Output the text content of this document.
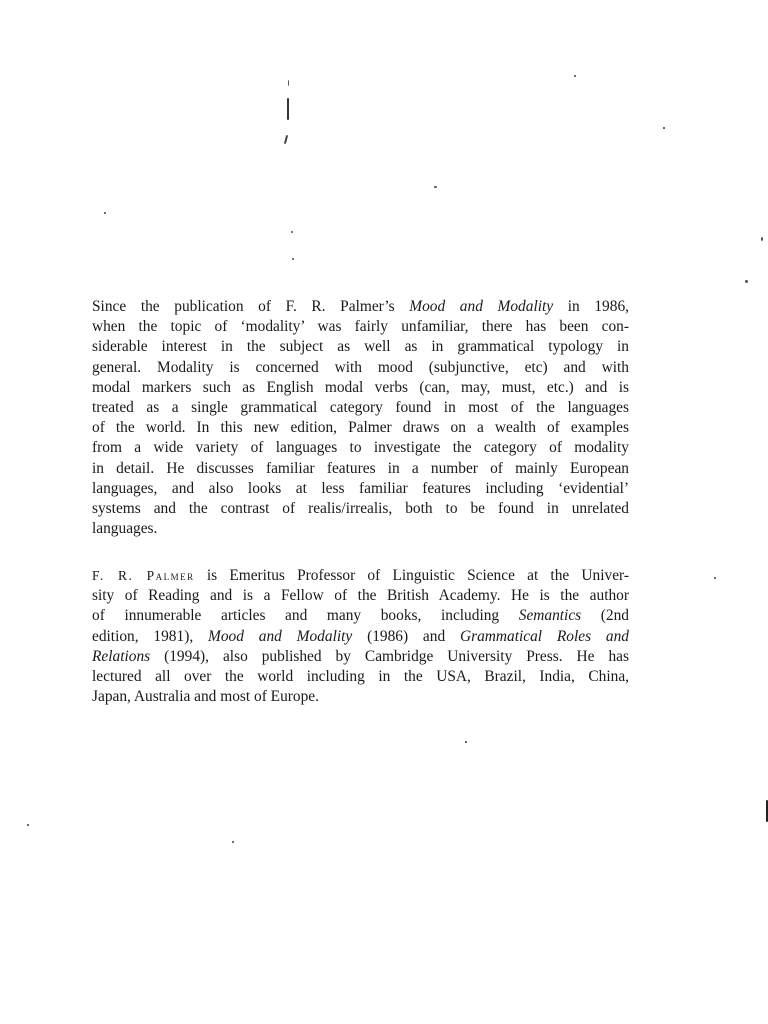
Since the publication of F. R. Palmer’s Mood and Modality in 1986,
when the topic of ‘modality’ was fairly unfamiliar, there has been con-
siderable interest in the subject as well as in grammatical typology in
general. Modality is concerned with mood (subjunctive, etc) and with
modal markers such as English modal verbs (can, may, must, etc.) and is
treated as a single grammatical category found in most of the languages
of the world. In this new edition, Palmer draws on a wealth of examples
from a wide variety of languages to investigate the category of modality
in detail. He discusses familiar features in a number of mainly European
languages, and also looks at less familiar features including ‘evidential’
systems and the contrast of realis/irrealis, both to be found in unrelated
languages.

F. R. Palmer is Emeritus Professor of Linguistic Science at the Univer-
sity of Reading and is a Fellow of the British Academy. He is the author
of innumerable articles and many books, including Semantics (2nd
edition, 1981), Mood and Modality (1986) and Grammatical Roles and
Relations (1994), also published by Cambridge University Press. He has
lectured all over the world including in the USA, Brazil, India, China,
Japan, Australia and most of Europe.
